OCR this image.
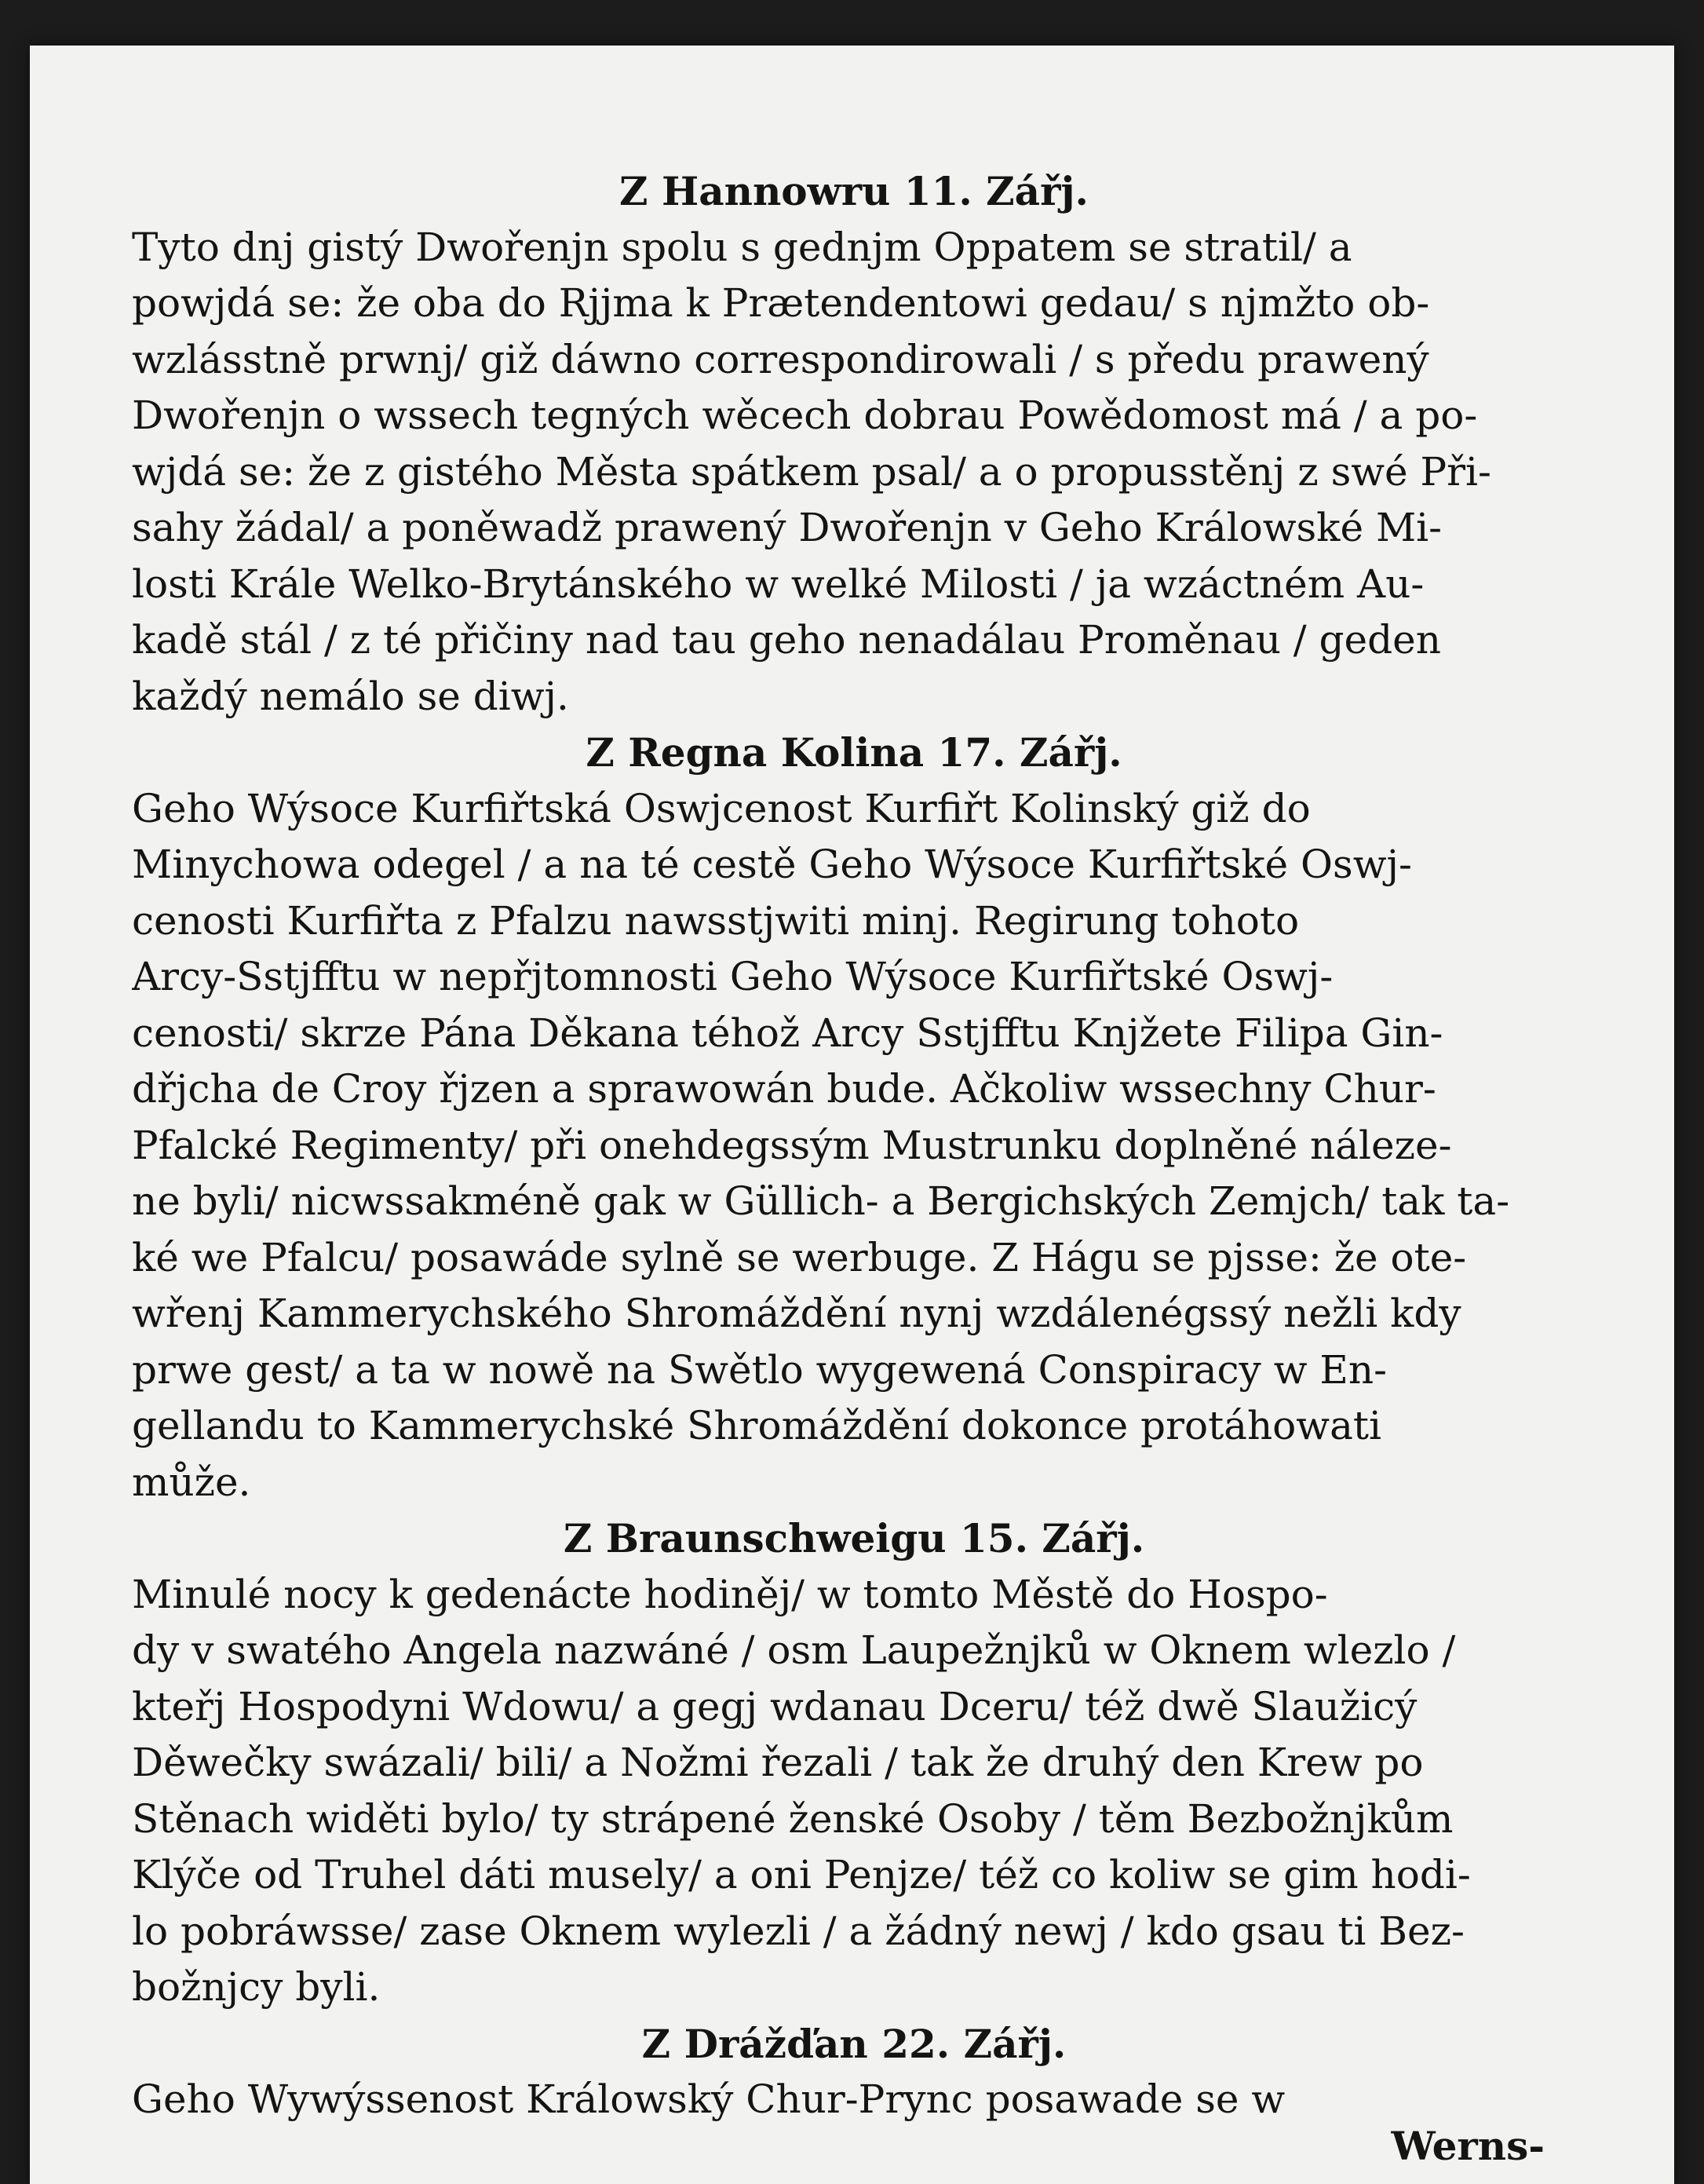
Z Hannowru 11. Zářj.

Tyto dnj gistý Dwořenjn spolu s gednjm Oppatem se stratil/ a
powjdá se: že oba do Rjjma k Prætendentowi gedau/ s njmžto ob-
wzlásstně prwnj/ giž dáwno correspondirowali / s předu prawený
Dwořenjn o wssech tegných wěcech dobrau Powědomost má / a po-
wjdá se: že z gistého Města spátkem psal/ a o propusstěnj z swé Při-
sahy žádal/ a poněwadž prawený Dwořenjn v Geho Králowské Mi-
losti Krále Welko-Brytánského w welké Milosti / ja wzáctném Au-
kadě stál / z té přičiny nad tau geho nenadálau Proměnau / geden
každý nemálo se diwj.

Z Regna Kolina 17. Zářj.

Geho Wýsoce Kurfiřtská Oswjcenost Kurfiřt Kolinský giž do
Minychowa odegel / a na té cestě Geho Wýsoce Kurfiřtské Oswj-
cenosti Kurfiřta z Pfalzu nawsstjwiti minj. Regirung tohoto
Arcy-Sstjfftu w nepřjtomnosti Geho Wýsoce Kurfiřtské Oswj-
cenosti/ skrze Pána Děkana téhož Arcy Sstjfftu Knjžete Filipa Gin-
dřjcha de Croy řjzen a sprawowán bude. Ačkoliw wssechny Chur-
Pfalcké Regimenty/ při onehdegssým Mustrunku doplněné náleze-
ne byli/ nicwssakméně gak w Güllich- a Bergichských Zemjch/ tak ta-
ké we Pfalcu/ posawáde sylně se werbuge. Z Hágu se pjsse: že ote-
wřenj Kammerychského Shromáždění nynj wzdálenégssý nežli kdy
prwe gest/ a ta w nowě na Swětlo wygewená Conspiracy w En-
gellandu to Kammerychské Shromáždění dokonce protáhowati
může.

Z Braunschweigu 15. Zářj.

Minulé nocy k gedenácte hodiněj/ w tomto Městě do Hospo-
dy v swatého Angela nazwáné / osm Laupežnjků w Oknem wlezlo /
kteřj Hospodyni Wdowu/ a gegj wdanau Dceru/ též dwě Slaužicý
Děwečky swázali/ bili/ a Nožmi řezali / tak že druhý den Krew po
Stěnach widěti bylo/ ty strápené ženské Osoby / těm Bezbožnjkům
Klýče od Truhel dáti musely/ a oni Penjze/ též co koliw se gim hodi-
lo pobráwsse/ zase Oknem wylezli / a žádný newj / kdo gsau ti Bez-
božnjcy byli.

Z Drážďan 22. Zářj.

Geho Wywýssenost Králowský Chur-Prync posawade se w
Werns-
